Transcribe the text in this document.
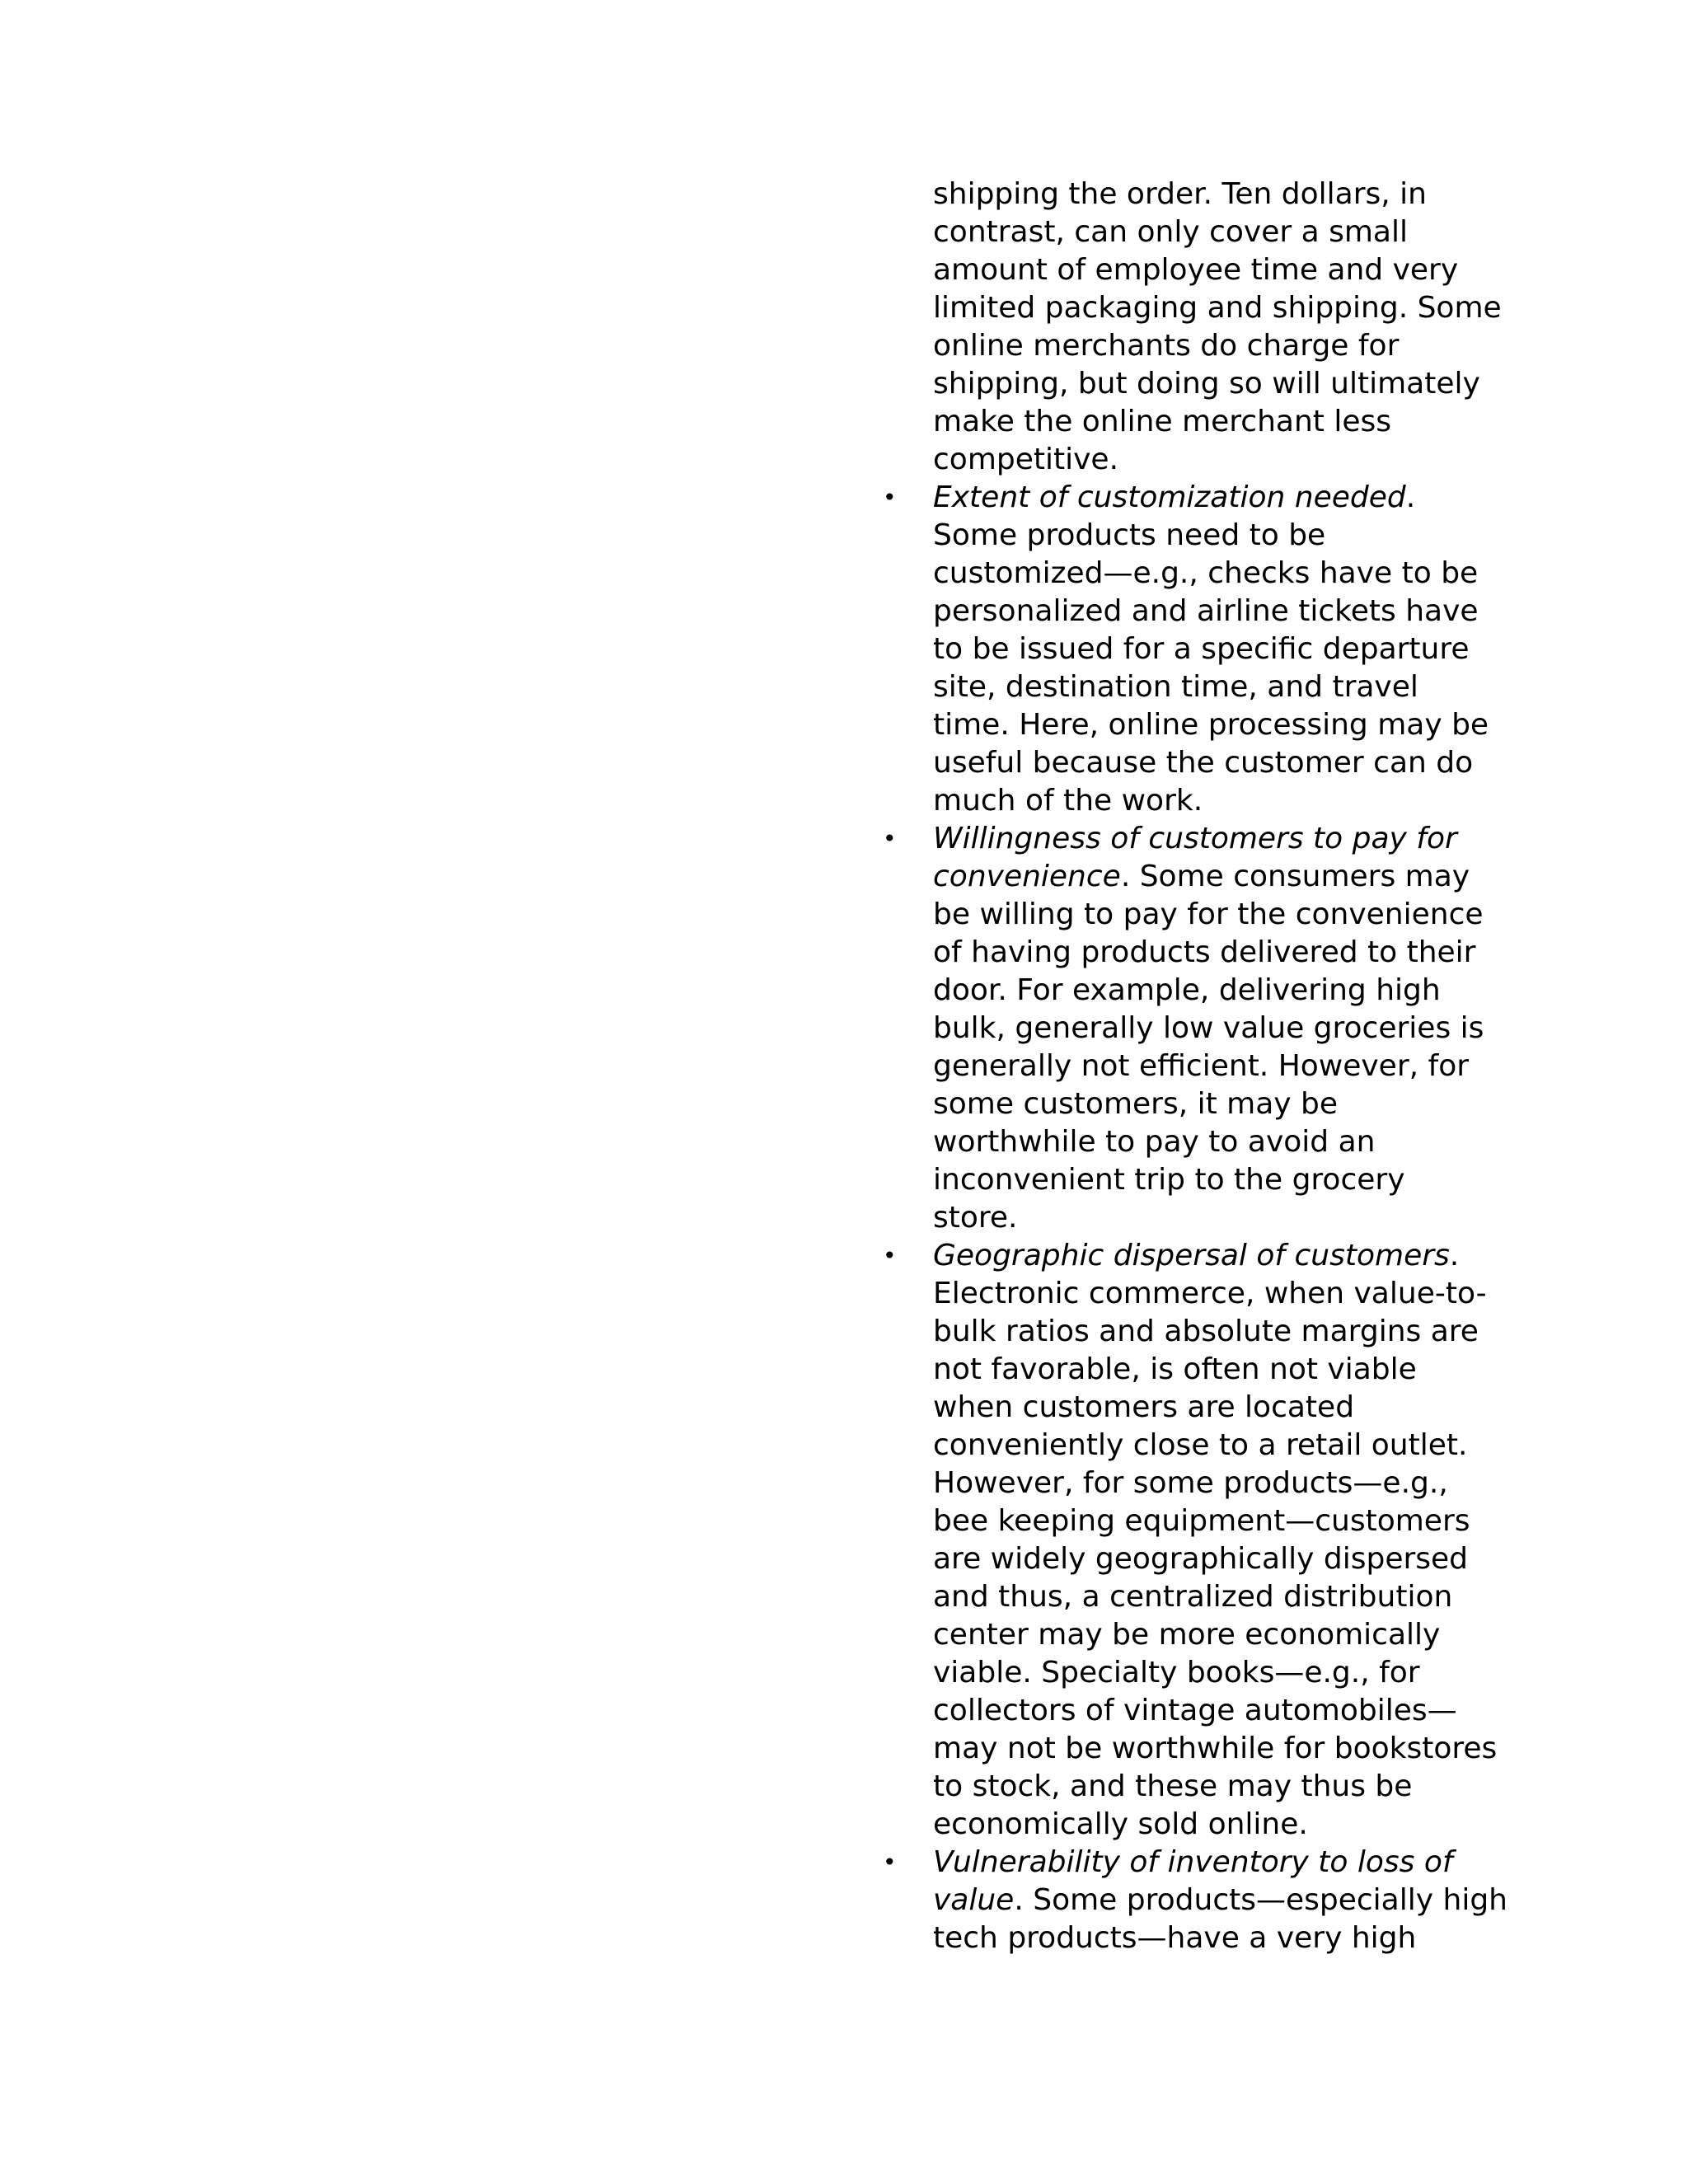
shipping the order. Ten dollars, in
contrast, can only cover a small
amount of employee time and very
limited packaging and shipping. Some
online merchants do charge for
shipping, but doing so will ultimately
make the online merchant less
competitive.
•	Extent of customization needed.
Some products need to be
customized—e.g., checks have to be
personalized and airline tickets have
to be issued for a specific departure
site, destination time, and travel
time. Here, online processing may be
useful because the customer can do
much of the work.
•	Willingness of customers to pay for
convenience. Some consumers may
be willing to pay for the convenience
of having products delivered to their
door. For example, delivering high
bulk, generally low value groceries is
generally not efficient. However, for
some customers, it may be
worthwhile to pay to avoid an
inconvenient trip to the grocery
store.
•	Geographic dispersal of customers.
Electronic commerce, when value-to-
bulk ratios and absolute margins are
not favorable, is often not viable
when customers are located
conveniently close to a retail outlet.
However, for some products—e.g.,
bee keeping equipment—customers
are widely geographically dispersed
and thus, a centralized distribution
center may be more economically
viable. Specialty books—e.g., for
collectors of vintage automobiles—
may not be worthwhile for bookstores
to stock, and these may thus be
economically sold online.
•	Vulnerability of inventory to loss of
value. Some products—especially high
tech products—have a very high
